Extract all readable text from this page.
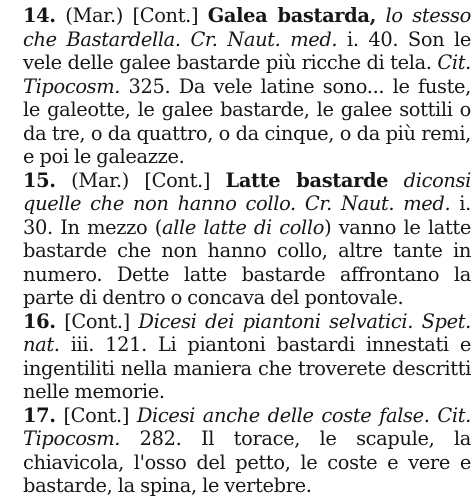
14. (Mar.) [Cont.] Galea bastarda, lo stesso che Bastardella. Cr. Naut. med. i. 40. Son le vele delle galee bastarde più ricche di tela. Cit. Tipocosm. 325. Da vele latine sono... le fuste, le galeotte, le galee bastarde, le galee sottili o da tre, o da quattro, o da cinque, o da più remi, e poi le galeazze.

15. (Mar.) [Cont.] Latte bastarde diconsi quelle che non hanno collo. Cr. Naut. med. i. 30. In mezzo (alle latte di collo) vanno le latte bastarde che non hanno collo, altre tante in numero. Dette latte bastarde affrontano la parte di dentro o concava del pontovale.

16. [Cont.] Dicesi dei piantoni selvatici. Spet. nat. iii. 121. Li piantoni bastardi innestati e ingentiliti nella maniera che troverete descritti nelle memorie.

17. [Cont.] Dicesi anche delle coste false. Cit. Tipocosm. 282. Il torace, le scapule, la chiavicola, l'osso del petto, le coste e vere e bastarde, la spina, le vertebre.
